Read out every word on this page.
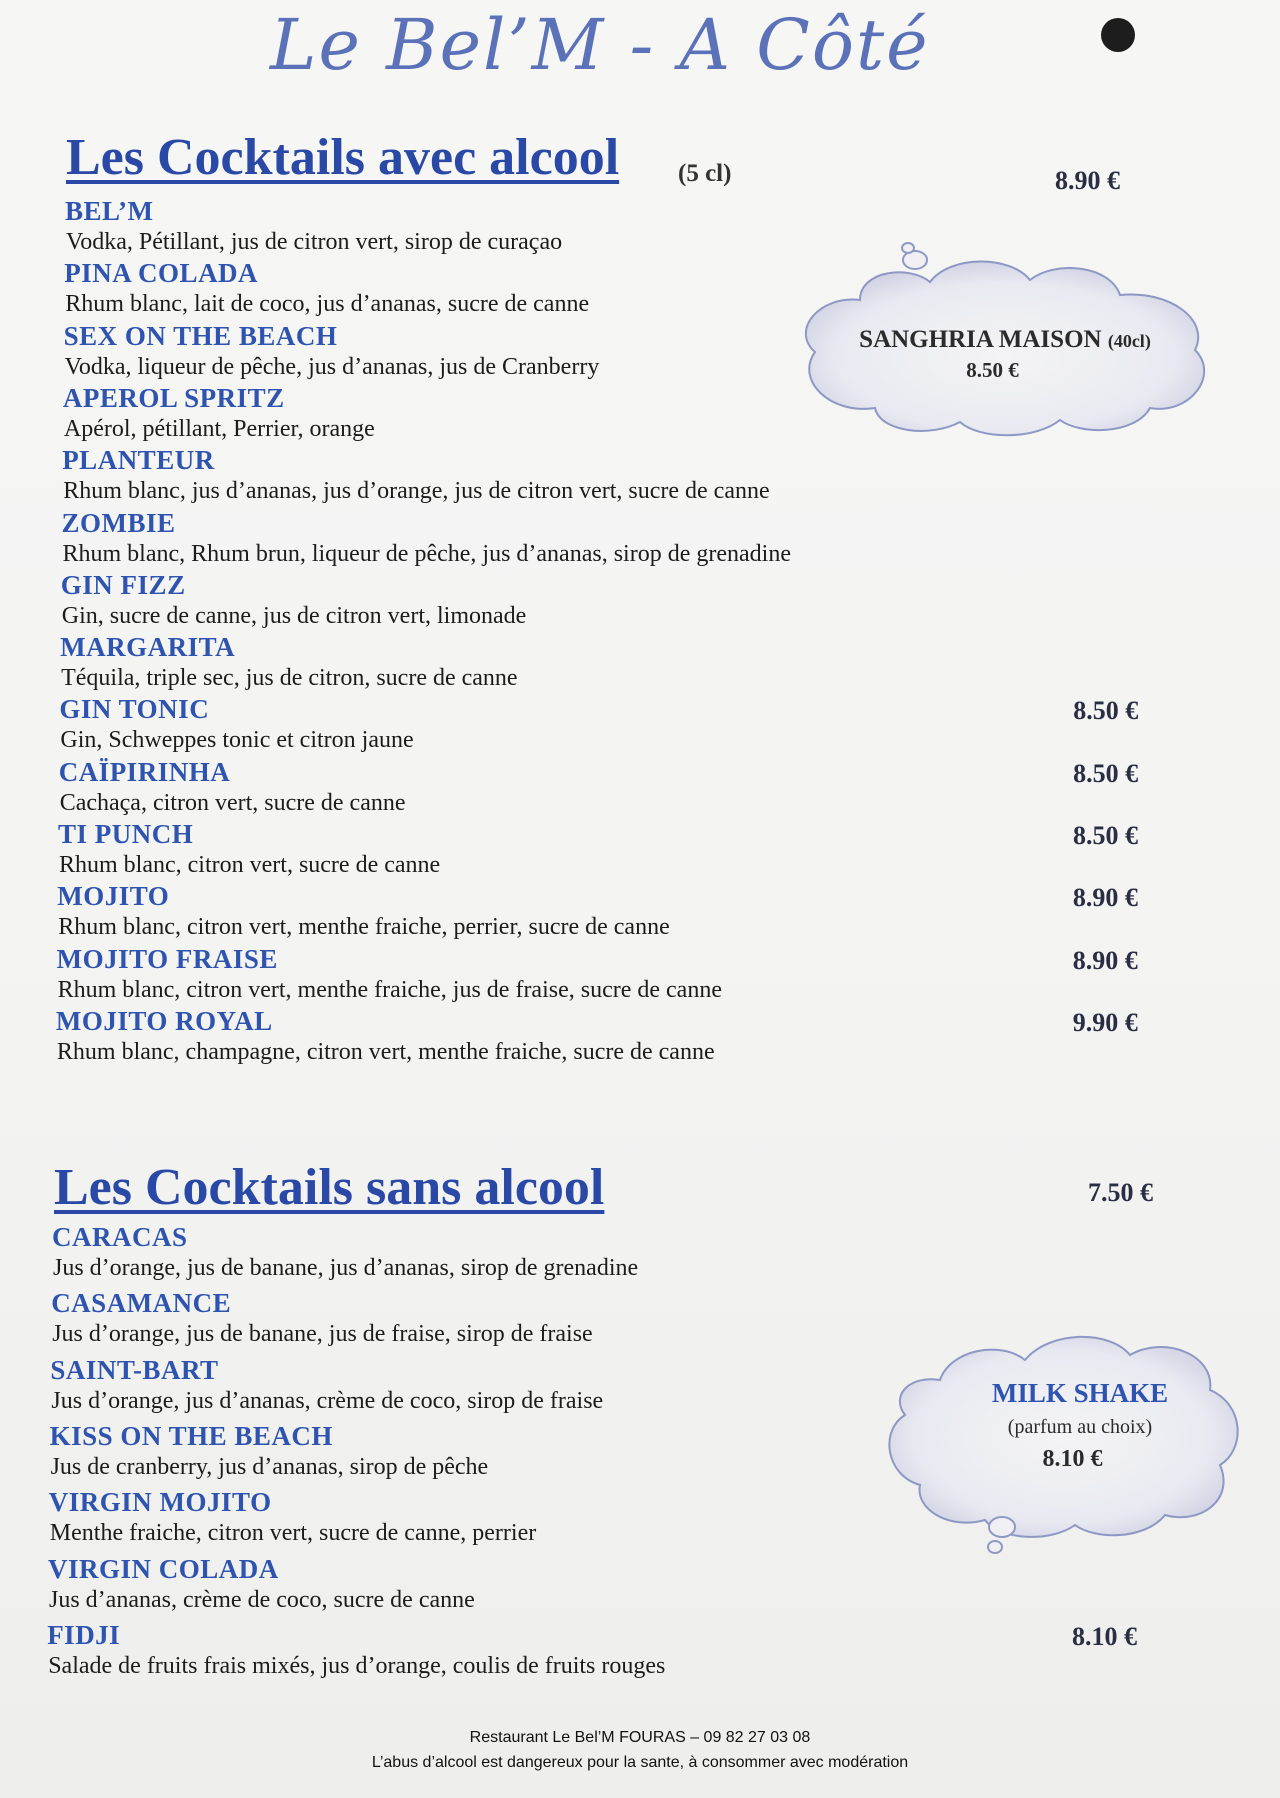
Le Bel’M - A Côté
Les Cocktails avec alcool (5 cl)	8.90 €
BEL’M
Vodka, Pétillant, jus de citron vert, sirop de curaçao
PINA COLADA
Rhum blanc, lait de coco, jus d’ananas, sucre de canne
SEX ON THE BEACH
Vodka, liqueur de pêche, jus d’ananas, jus de Cranberry
APEROL SPRITZ
Apérol, pétillant, Perrier, orange
PLANTEUR
Rhum blanc, jus d’ananas, jus d’orange, jus de citron vert, sucre de canne
ZOMBIE
Rhum blanc, Rhum brun, liqueur de pêche, jus d’ananas, sirop de grenadine
GIN FIZZ
Gin, sucre de canne, jus de citron vert, limonade
MARGARITA
Téquila, triple sec, jus de citron, sucre de canne
GIN TONIC
Gin, Schweppes tonic et citron jaune
8.50 €
CAÏPIRINHA
Cachaça, citron vert, sucre de canne
8.50 €
TI PUNCH
Rhum blanc, citron vert, sucre de canne
8.50 €
MOJITO
Rhum blanc, citron vert, menthe fraiche, perrier, sucre de canne
8.90 €
MOJITO FRAISE
Rhum blanc, citron vert, menthe fraiche, jus de fraise, sucre de canne
8.90 €
MOJITO ROYAL
Rhum blanc, champagne, citron vert, menthe fraiche, sucre de canne
9.90 €
SANGHRIA MAISON (40cl)
8.50 €
Les Cocktails sans alcool	7.50 €
CARACAS
Jus d’orange, jus de banane, jus d’ananas, sirop de grenadine
CASAMANCE
Jus d’orange, jus de banane, jus de fraise, sirop de fraise
SAINT-BART
Jus d’orange, jus d’ananas, crème de coco, sirop de fraise
KISS ON THE BEACH
Jus de cranberry, jus d’ananas, sirop de pêche
VIRGIN MOJITO
Menthe fraiche, citron vert, sucre de canne, perrier
VIRGIN COLADA
Jus d’ananas, crème de coco, sucre de canne
FIDJI
Salade de fruits frais mixés, jus d’orange, coulis de fruits rouges
8.10 €
MILK SHAKE
(parfum au choix)
8.10 €
Restaurant Le Bel’M FOURAS – 09 82 27 03 08
L’abus d’alcool est dangereux pour la sante, à consommer avec modération
